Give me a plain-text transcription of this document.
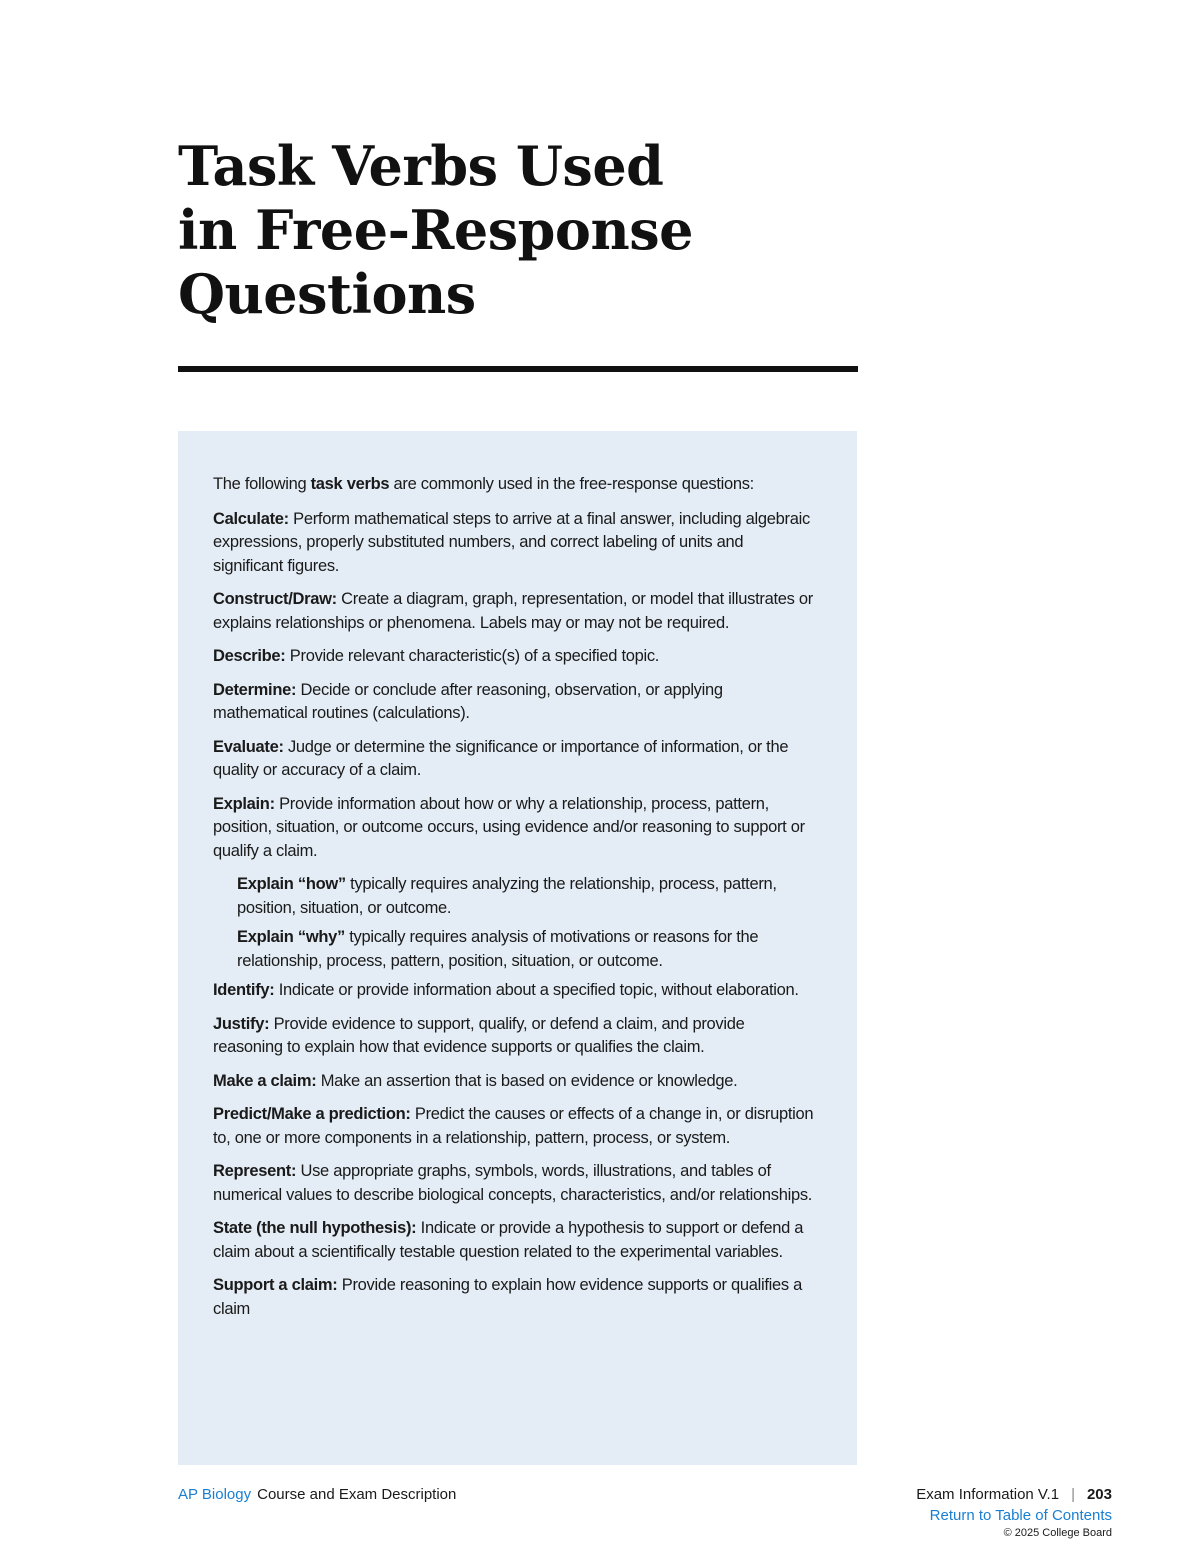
Task Verbs Used
in Free-Response
Questions

The following task verbs are commonly used in the free-response questions:

Calculate: Perform mathematical steps to arrive at a final answer, including algebraic expressions, properly substituted numbers, and correct labeling of units and significant figures.

Construct/Draw: Create a diagram, graph, representation, or model that illustrates or explains relationships or phenomena. Labels may or may not be required.

Describe: Provide relevant characteristic(s) of a specified topic.

Determine: Decide or conclude after reasoning, observation, or applying mathematical routines (calculations).

Evaluate: Judge or determine the significance or importance of information, or the quality or accuracy of a claim.

Explain: Provide information about how or why a relationship, process, pattern, position, situation, or outcome occurs, using evidence and/or reasoning to support or qualify a claim.

Explain “how” typically requires analyzing the relationship, process, pattern, position, situation, or outcome.

Explain “why” typically requires analysis of motivations or reasons for the relationship, process, pattern, position, situation, or outcome.

Identify: Indicate or provide information about a specified topic, without elaboration.

Justify: Provide evidence to support, qualify, or defend a claim, and provide reasoning to explain how that evidence supports or qualifies the claim.

Make a claim: Make an assertion that is based on evidence or knowledge.

Predict/Make a prediction: Predict the causes or effects of a change in, or disruption to, one or more components in a relationship, pattern, process, or system.

Represent: Use appropriate graphs, symbols, words, illustrations, and tables of numerical values to describe biological concepts, characteristics, and/or relationships.

State (the null hypothesis): Indicate or provide a hypothesis to support or defend a claim about a scientifically testable question related to the experimental variables.

Support a claim: Provide reasoning to explain how evidence supports or qualifies a claim

AP Biology Course and Exam Description	Exam Information V.1 | 203
Return to Table of Contents
© 2025 College Board
